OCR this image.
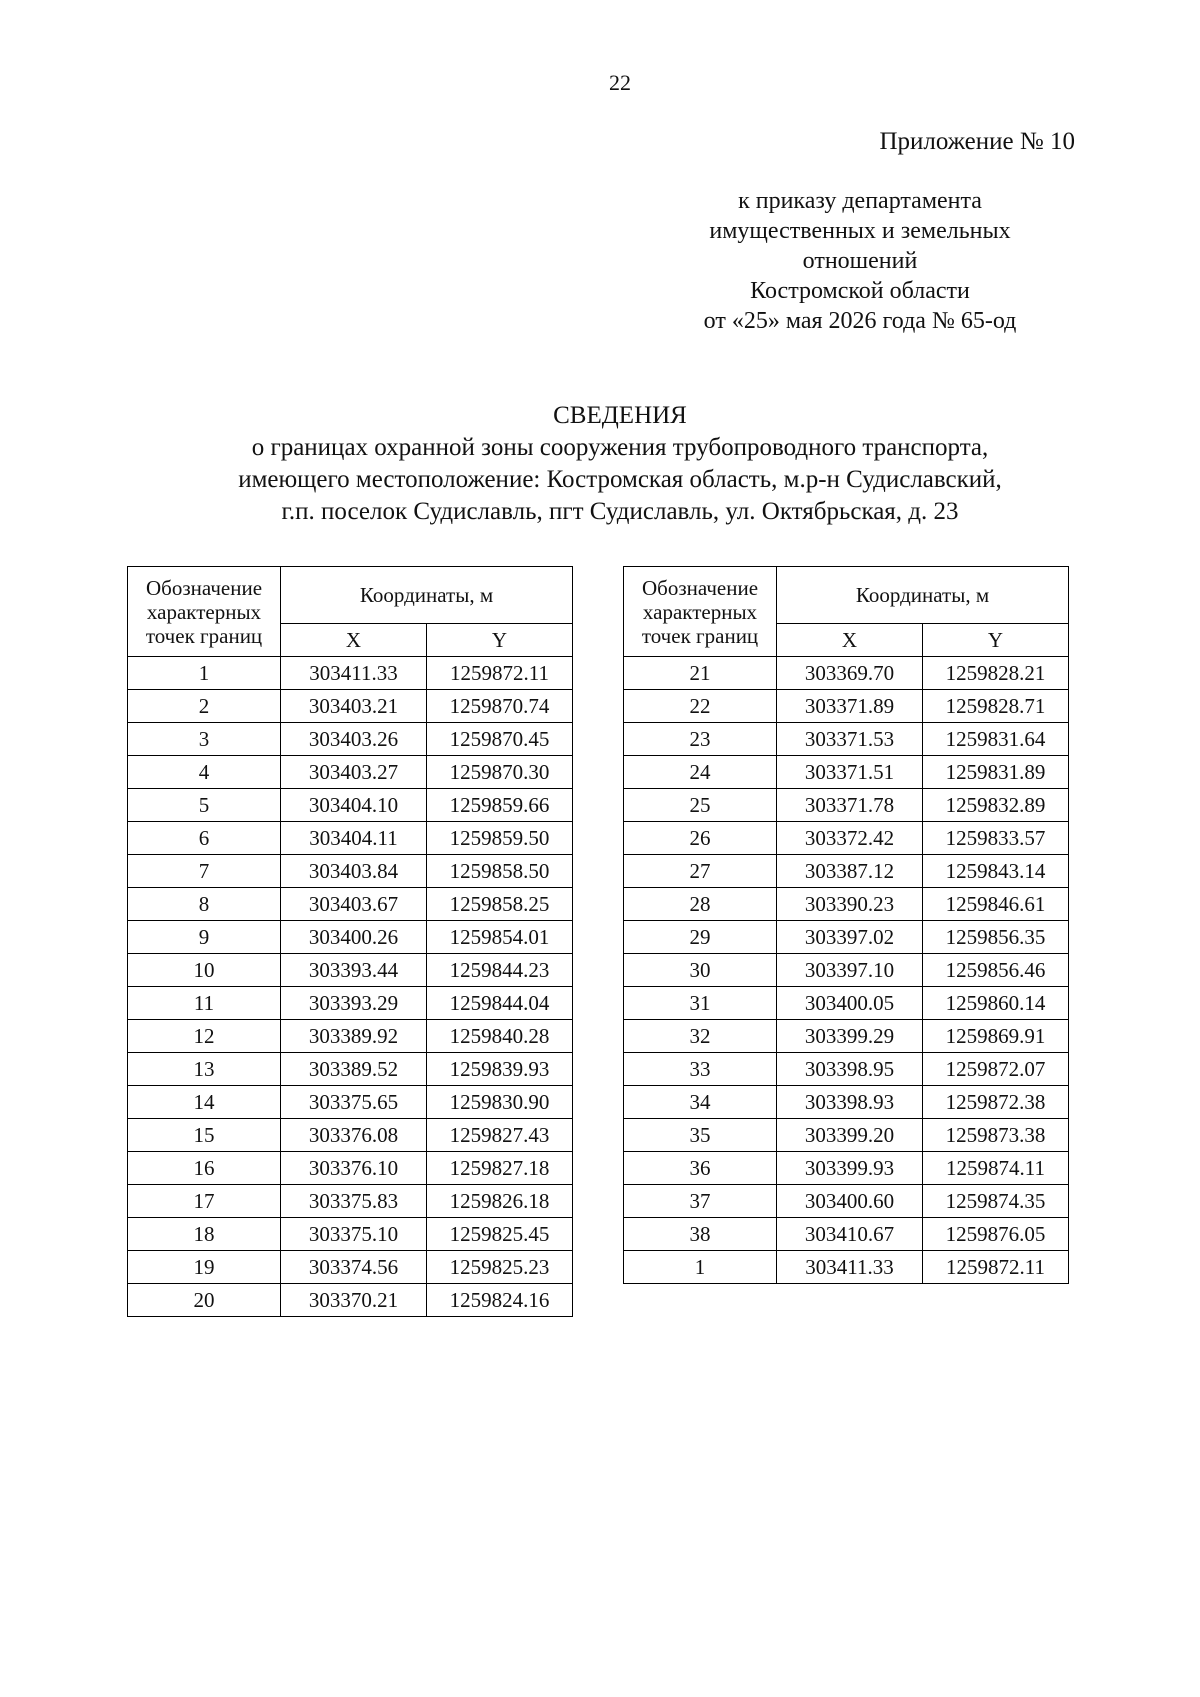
22
Приложение № 10
к приказу департамента
имущественных и земельных
отношений
Костромской области
от «25» мая 2026 года № 65-од
СВЕДЕНИЯ
о границах охранной зоны сооружения трубопроводного транспорта,
имеющего местоположение: Костромская область, м.р-н Судиславский,
г.п. поселок Судиславль, пгт Судиславль, ул. Октябрьская, д. 23
Обозначение характерных точек границ	Координаты, м	
	X	Y
1	303411.33	1259872.11
2	303403.21	1259870.74
3	303403.26	1259870.45
4	303403.27	1259870.30
5	303404.10	1259859.66
6	303404.11	1259859.50
7	303403.84	1259858.50
8	303403.67	1259858.25
9	303400.26	1259854.01
10	303393.44	1259844.23
11	303393.29	1259844.04
12	303389.92	1259840.28
13	303389.52	1259839.93
14	303375.65	1259830.90
15	303376.08	1259827.43
16	303376.10	1259827.18
17	303375.83	1259826.18
18	303375.10	1259825.45
19	303374.56	1259825.23
20	303370.21	1259824.16
Обозначение характерных точек границ	Координаты, м	
	X	Y
21	303369.70	1259828.21
22	303371.89	1259828.71
23	303371.53	1259831.64
24	303371.51	1259831.89
25	303371.78	1259832.89
26	303372.42	1259833.57
27	303387.12	1259843.14
28	303390.23	1259846.61
29	303397.02	1259856.35
30	303397.10	1259856.46
31	303400.05	1259860.14
32	303399.29	1259869.91
33	303398.95	1259872.07
34	303398.93	1259872.38
35	303399.20	1259873.38
36	303399.93	1259874.11
37	303400.60	1259874.35
38	303410.67	1259876.05
1	303411.33	1259872.11
